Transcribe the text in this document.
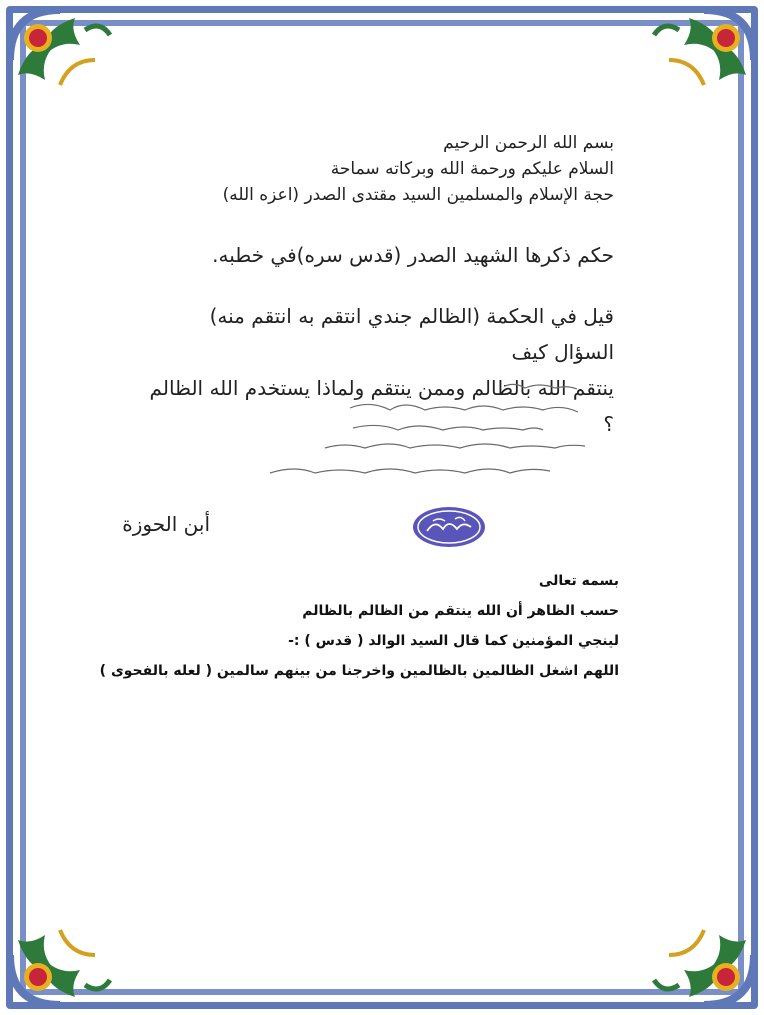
بسم الله الرحمن الرحيم
السلام عليكم ورحمة الله وبركاته سماحة
حجة الإسلام والمسلمين السيد مقتدى الصدر (اعزه الله)
حكم ذكرها الشهيد الصدر (قدس سره)في خطبه.
قيل في الحكمة (الظالم جندي انتقم به انتقم منه) السؤال كيف
ينتقم الله بالظالم وممن ينتقم ولماذا يستخدم الله الظالم ؟
أبن الحوزة
بسمه تعالى
حسب الظاهر أن الله ينتقم من الظالم بالظالم
لينجي المؤمنين كما قال السيد الوالد ( قدس ) :-
اللهم اشغل الظالمين بالظالمين واخرجنا من بينهم سالمين ( لعله بالفحوى )
